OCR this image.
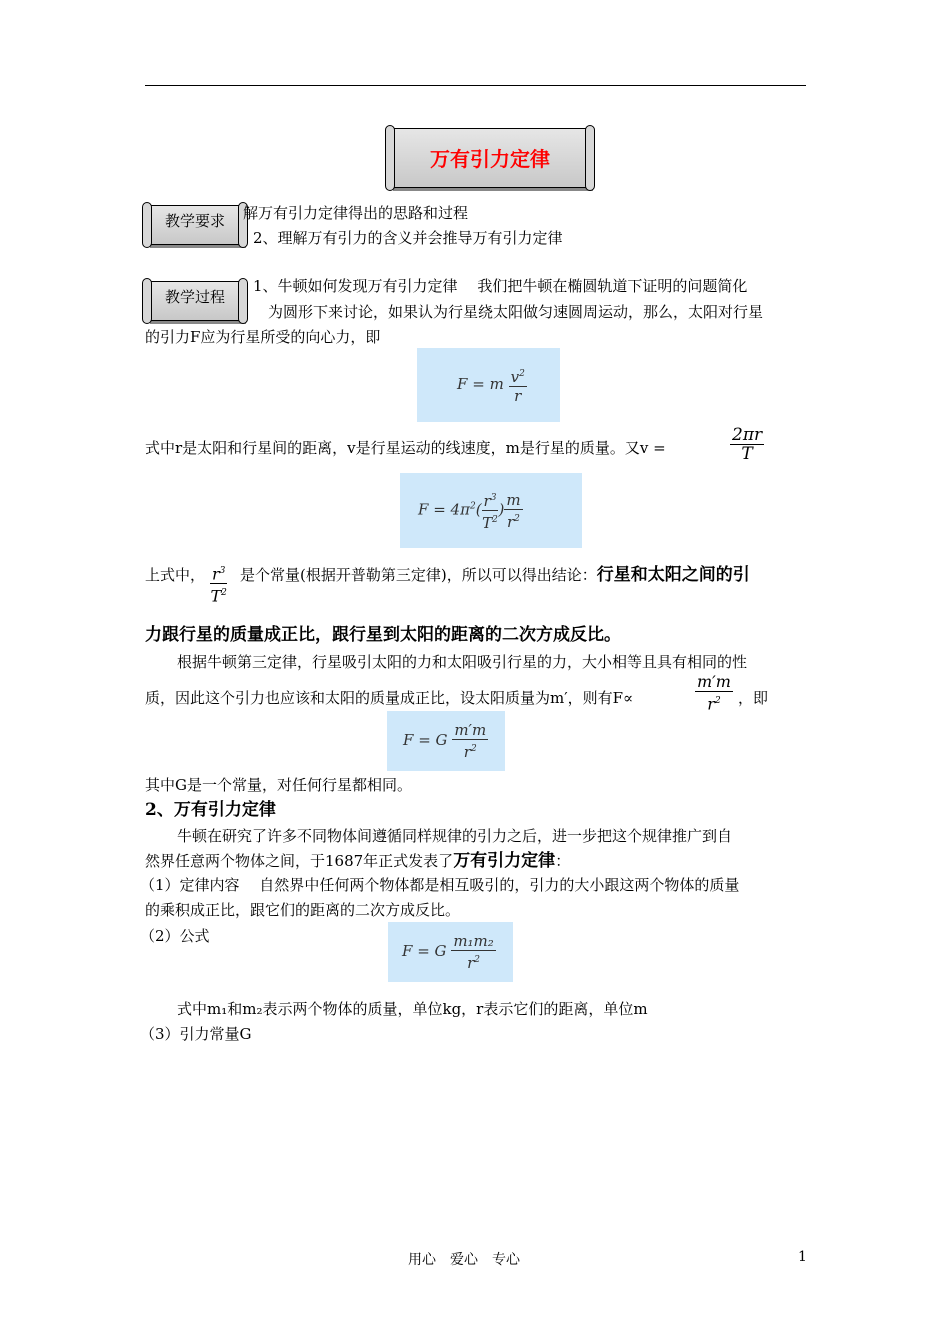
万有引力定律
教学要求	解万有引力定律得出的思路和过程
2、理解万有引力的含义并会推导万有引力定律
教学过程
1、牛顿如何发现万有引力定律　 我们把牛顿在椭圆轨道下证明的问题简化
为圆形下来讨论，如果认为行星绕太阳做匀速圆周运动，那么，太阳对行星
的引力F应为行星所受的向心力，即
F = m $\frac{v^2}{r}$
式中r是太阳和行星间的距离，v是行星运动的线速度，m是行星的质量。又v =	$\frac{2\pi r}{T}$
$F = 4\pi^2( \frac{r^3}{T^2}$ ) $\frac{m}{r^2}$
上式中， $\frac{r^3}{T^2}$ 是个常量(根据开普勒第三定律)，所以可以得出结论：行星和太阳之间的引
力跟行星的质量成正比，跟行星到太阳的距离的二次方成反比。
根据牛顿第三定律，行星吸引太阳的力和太阳吸引行星的力，大小相等且具有相同的性
质，因此这个引力也应该和太阳的质量成正比，设太阳质量为m′，则有F∝	$\frac{m'm}{r^2}$ ，即
F = G $\frac{m'm}{r^2}$
其中G是一个常量，对任何行星都相同。
2、万有引力定律
牛顿在研究了许多不同物体间遵循同样规律的引力之后，进一步把这个规律推广到自
然界任意两个物体之间，于1687年正式发表了万有引力定律：
（1）定律内容　 自然界中任何两个物体都是相互吸引的，引力的大小跟这两个物体的质量
的乘积成正比，跟它们的距离的二次方成反比。
（2）公式
F = G $\frac{\text{m₁m₂}}{r^2}$
式中m₁和m₂表示两个物体的质量，单位kg，r表示它们的距离，单位m
（3）引力常量G
用心　爱心　专心	1
